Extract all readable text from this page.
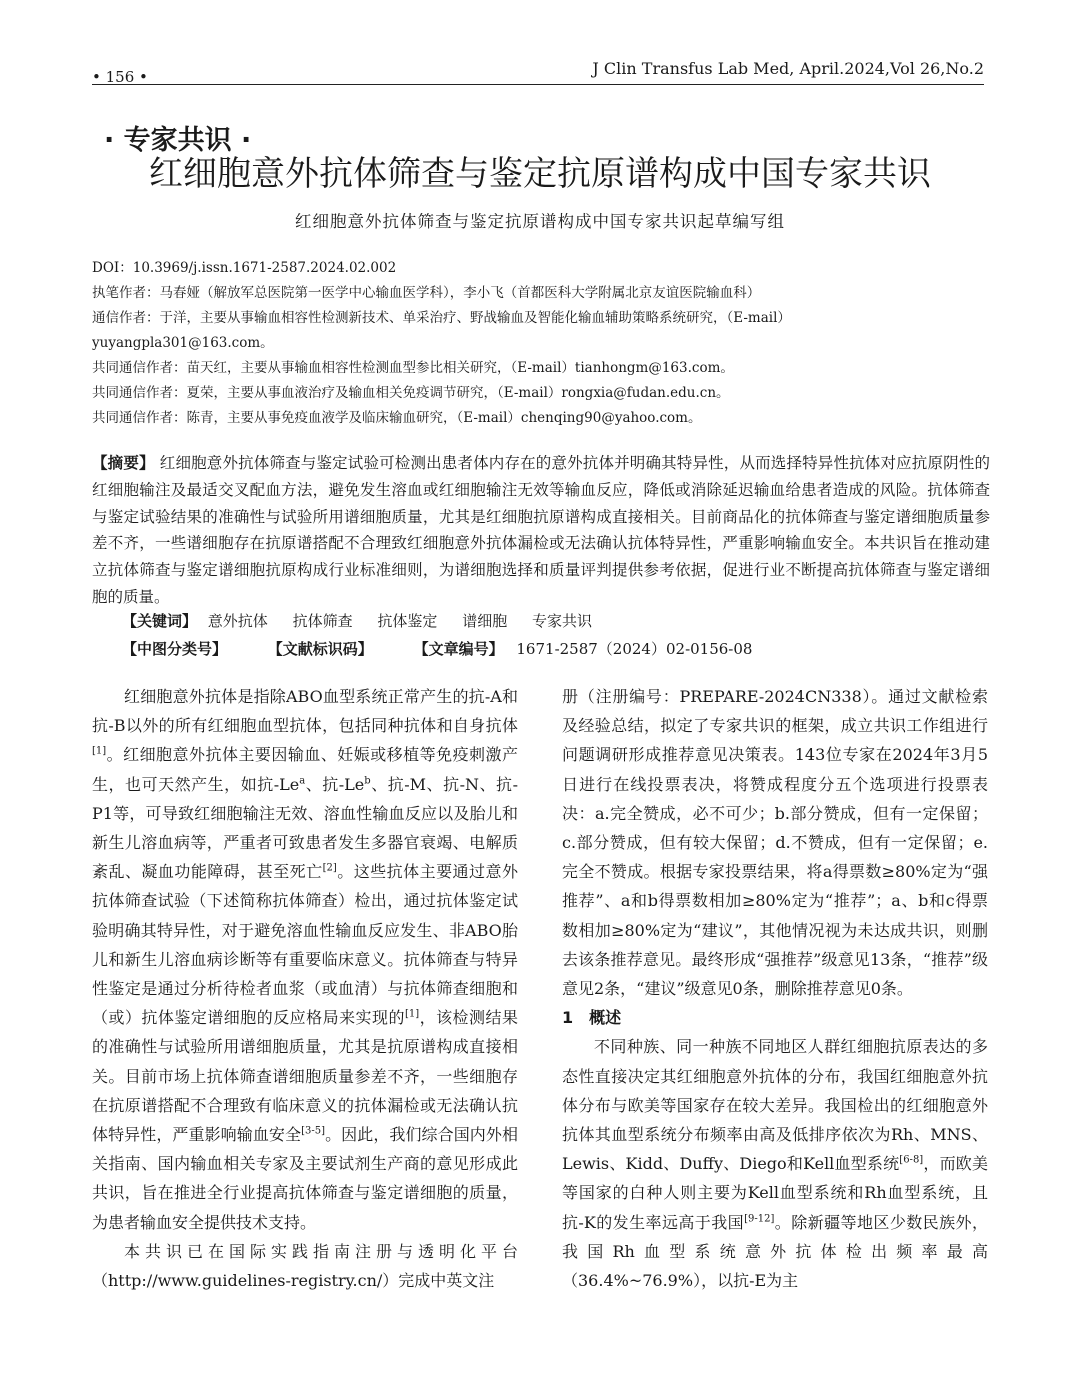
• 156 •	J Clin Transfus Lab Med, April.2024,Vol 26,No.2
· 专家共识 ·
红细胞意外抗体筛查与鉴定抗原谱构成中国专家共识
红细胞意外抗体筛查与鉴定抗原谱构成中国专家共识起草编写组
DOI：10.3969/j.issn.1671-2587.2024.02.002
执笔作者：马春娅（解放军总医院第一医学中心输血医学科），李小飞（首都医科大学附属北京友谊医院输血科）
通信作者：于洋，主要从事输血相容性检测新技术、单采治疗、野战输血及智能化输血辅助策略系统研究，（E-mail）
yuyangpla301@163.com。
共同通信作者：苗天红，主要从事输血相容性检测血型参比相关研究，（E-mail）tianhongm@163.com。
共同通信作者：夏荣，主要从事血液治疗及输血相关免疫调节研究，（E-mail）rongxia@fudan.edu.cn。
共同通信作者：陈青，主要从事免疫血液学及临床输血研究，（E-mail）chenqing90@yahoo.com。
【摘要】 红细胞意外抗体筛查与鉴定试验可检测出患者体内存在的意外抗体并明确其特异性，从而选择特异性抗体对应抗原阴性的红细胞输注及最适交叉配血方法，避免发生溶血或红细胞输注无效等输血反应，降低或消除延迟输血给患者造成的风险。抗体筛查与鉴定试验结果的准确性与试验所用谱细胞质量，尤其是红细胞抗原谱构成直接相关。目前商品化的抗体筛查与鉴定谱细胞质量参差不齐，一些谱细胞存在抗原谱搭配不合理致红细胞意外抗体漏检或无法确认抗体特异性，严重影响输血安全。本共识旨在推动建立抗体筛查与鉴定谱细胞抗原构成行业标准细则，为谱细胞选择和质量评判提供参考依据，促进行业不断提高抗体筛查与鉴定谱细胞的质量。
【关键词】 意外抗体 抗体筛查 抗体鉴定 谱细胞 专家共识
【中图分类号】	【文献标识码】	【文章编号】 1671-2587（2024）02-0156-08

红细胞意外抗体是指除ABO血型系统正常产生的抗-A和抗-B以外的所有红细胞血型抗体，包括同种抗体和自身抗体[1]。红细胞意外抗体主要因输血、妊娠或移植等免疫刺激产生，也可天然产生，如抗-Le$^a$、抗-Le$^b$、抗-M、抗-N、抗-P1等，可导致红细胞输注无效、溶血性输血反应以及胎儿和新生儿溶血病等，严重者可致患者发生多器官衰竭、电解质紊乱、凝血功能障碍，甚至死亡[2]。这些抗体主要通过意外抗体筛查试验（下述简称抗体筛查）检出，通过抗体鉴定试验明确其特异性，对于避免溶血性输血反应发生、非ABO胎儿和新生儿溶血病诊断等有重要临床意义。抗体筛查与特异性鉴定是通过分析待检者血浆（或血清）与抗体筛查细胞和（或）抗体鉴定谱细胞的反应格局来实现的[1]，该检测结果的准确性与试验所用谱细胞质量，尤其是抗原谱构成直接相关。目前市场上抗体筛查谱细胞质量参差不齐，一些细胞存在抗原谱搭配不合理致有临床意义的抗体漏检或无法确认抗体特异性，严重影响输血安全[3-5]。因此，我们综合国内外相关指南、国内输血相关专家及主要试剂生产商的意见形成此共识，旨在推进全行业提高抗体筛查与鉴定谱细胞的质量，为患者输血安全提供技术支持。

本共识已在国际实践指南注册与透明化平台（http://www.guidelines-registry.cn/）完成中英文注

册（注册编号：PREPARE-2024CN338）。通过文献检索及经验总结，拟定了专家共识的框架，成立共识工作组进行问题调研形成推荐意见决策表。143位专家在2024年3月5日进行在线投票表决，将赞成程度分五个选项进行投票表决：a.完全赞成，必不可少；b.部分赞成，但有一定保留；c.部分赞成，但有较大保留；d.不赞成，但有一定保留；e.完全不赞成。根据专家投票结果，将a得票数≥80%定为“强推荐”、a和b得票数相加≥80%定为“推荐”；a、b和c得票数相加≥80%定为“建议”，其他情况视为未达成共识，则删去该条推荐意见。最终形成“强推荐”级意见13条，“推荐”级意见2条，“建议”级意见0条，删除推荐意见0条。

1　概述

不同种族、同一种族不同地区人群红细胞抗原表达的多态性直接决定其红细胞意外抗体的分布，我国红细胞意外抗体分布与欧美等国家存在较大差异。我国检出的红细胞意外抗体其血型系统分布频率由高及低排序依次为Rh、MNS、Lewis、Kidd、Duffy、Diego和Kell血型系统[6-8]，而欧美等国家的白种人则主要为Kell血型系统和Rh血型系统，且抗-K的发生率远高于我国[9-12]。除新疆等地区少数民族外，我国Rh血型系统意外抗体检出频率最高（36.4%~76.9%），以抗-E为主
